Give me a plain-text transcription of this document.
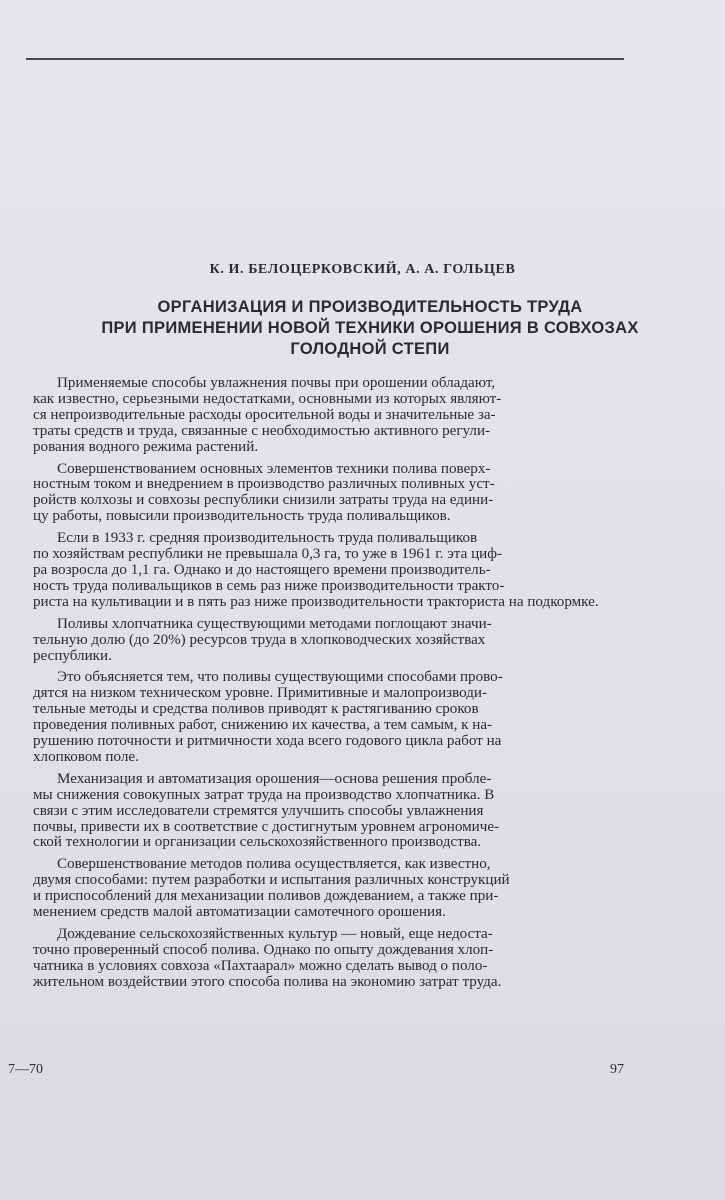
К. И. БЕЛОЦЕРКОВСКИЙ, А. А. ГОЛЬЦЕВ
ОРГАНИЗАЦИЯ И ПРОИЗВОДИТЕЛЬНОСТЬ ТРУДА
ПРИ ПРИМЕНЕНИИ НОВОЙ ТЕХНИКИ ОРОШЕНИЯ В СОВХОЗАХ
ГОЛОДНОЙ СТЕПИ
Применяемые способы увлажнения почвы при орошении обладают,
как известно, серьезными недостатками, основными из которых являют-
ся непроизводительные расходы оросительной воды и значительные за-
траты средств и труда, связанные с необходимостью активного регули-
рования водного режима растений.
Совершенствованием основных элементов техники полива поверх-
ностным током и внедрением в производство различных поливных уст-
ройств колхозы и совхозы республики снизили затраты труда на едини-
цу работы, повысили производительность труда поливальщиков.
Если в 1933 г. средняя производительность труда поливальщиков
по хозяйствам республики не превышала 0,3 га, то уже в 1961 г. эта циф-
ра возросла до 1,1 га. Однако и до настоящего времени производитель-
ность труда поливальщиков в семь раз ниже производительности тракто-
риста на культивации и в пять раз ниже производительности тракториста на подкормке.
Поливы хлопчатника существующими методами поглощают значи-
тельную долю (до 20%) ресурсов труда в хлопководческих хозяйствах
республики.
Это объясняется тем, что поливы существующими способами прово-
дятся на низком техническом уровне. Примитивные и малопроизводи-
тельные методы и средства поливов приводят к растягиванию сроков
проведения поливных работ, снижению их качества, а тем самым, к на-
рушению поточности и ритмичности хода всего годового цикла работ на
хлопковом поле.
Механизация и автоматизация орошения—основа решения пробле-
мы снижения совокупных затрат труда на производство хлопчатника. В
связи с этим исследователи стремятся улучшить способы увлажнения
почвы, привести их в соответствие с достигнутым уровнем агрономиче-
ской технологии и организации сельскохозяйственного производства.
Совершенствование методов полива осуществляется, как известно,
двумя способами: путем разработки и испытания различных конструкций
и приспособлений для механизации поливов дождеванием, а также при-
менением средств малой автоматизации самотечного орошения.
Дождевание сельскохозяйственных культур — новый, еще недоста-
точно проверенный способ полива. Однако по опыту дождевания хлоп-
чатника в условиях совхоза «Пахтаарал» можно сделать вывод о поло-
жительном воздействии этого способа полива на экономию затрат труда.
7—70	97
